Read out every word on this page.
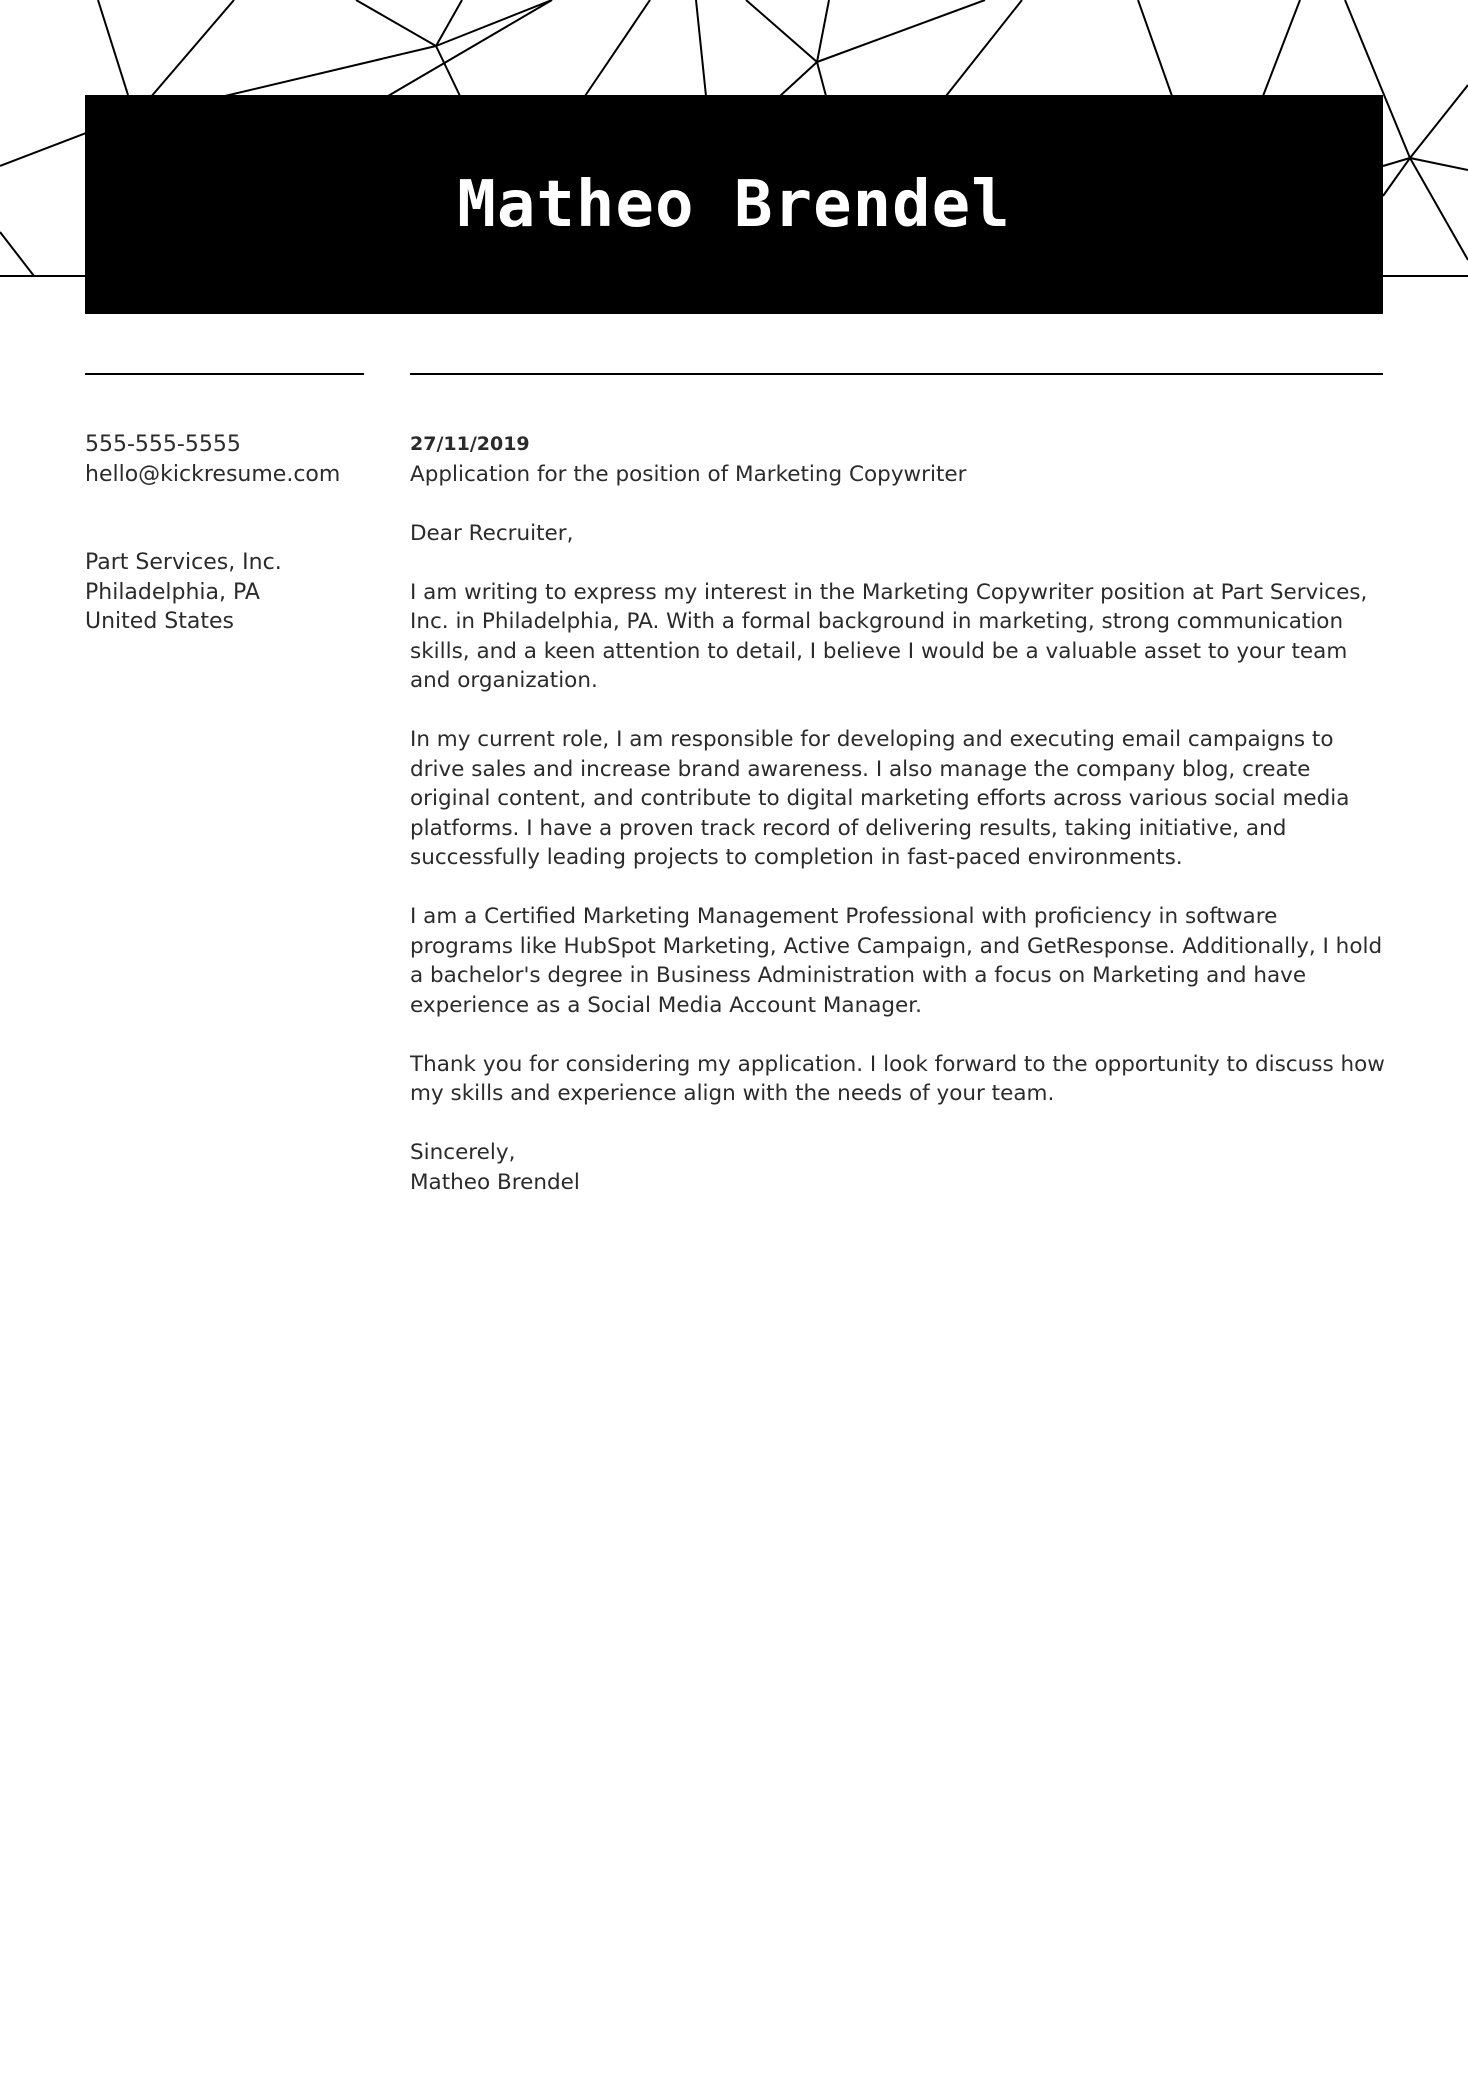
Matheo Brendel
555-555-5555
hello@kickresume.com
Part Services, Inc.
Philadelphia, PA
United States
27/11/2019

Application for the position of Marketing Copywriter

Dear Recruiter,

I am writing to express my interest in the Marketing Copywriter position at Part Services, Inc. in Philadelphia, PA. With a formal background in marketing, strong communication skills, and a keen attention to detail, I believe I would be a valuable asset to your team and organization.

In my current role, I am responsible for developing and executing email campaigns to drive sales and increase brand awareness. I also manage the company blog, create original content, and contribute to digital marketing efforts across various social media platforms. I have a proven track record of delivering results, taking initiative, and successfully leading projects to completion in fast-paced environments.

I am a Certified Marketing Management Professional with proficiency in software programs like HubSpot Marketing, Active Campaign, and GetResponse. Additionally, I hold a bachelor's degree in Business Administration with a focus on Marketing and have experience as a Social Media Account Manager.

Thank you for considering my application. I look forward to the opportunity to discuss how my skills and experience align with the needs of your team.

Sincerely,
Matheo Brendel
